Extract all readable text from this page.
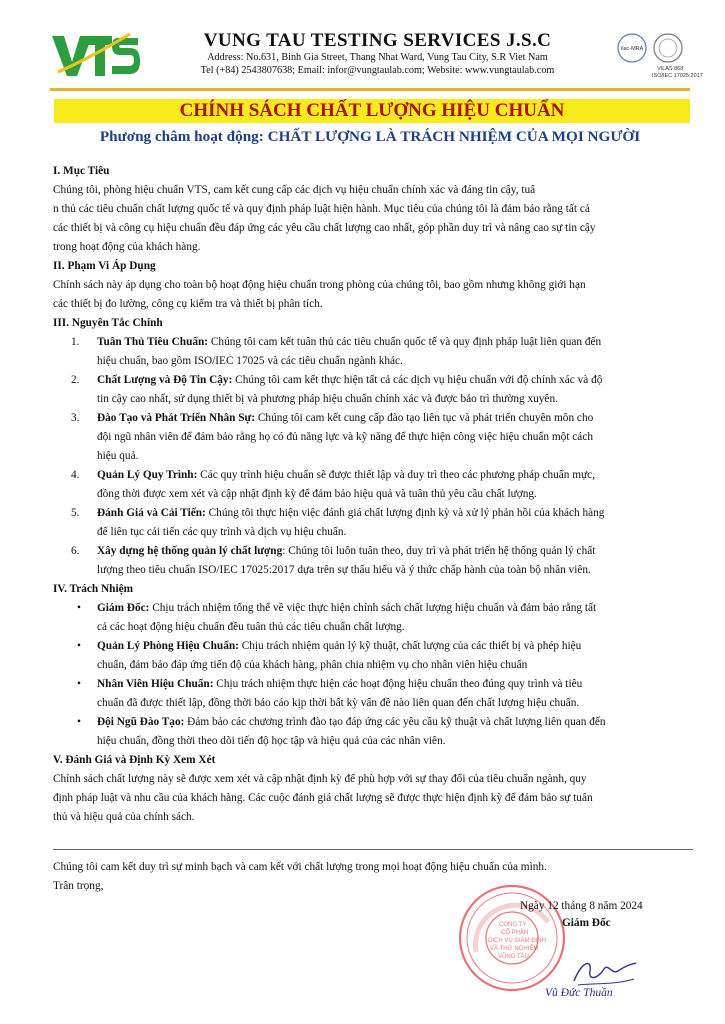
VUNG TAU TESTING SERVICES J.S.C
Address: No.631, Binh Gia Street, Thang Nhat Ward, Vung Tau City, S.R Viet Nam
Tel (+84) 2543807638; Email: infor@vungtaulab.com; Website: www.vungtaulab.com
ilac-MRA
VILAS 868
ISO/IEC 17025:2017
CHÍNH SÁCH CHẤT LƯỢNG HIỆU CHUẨN
Phương châm hoạt động: CHẤT LƯỢNG LÀ TRÁCH NHIỆM CỦA MỌI NGƯỜI

I. Mục Tiêu

Chúng tôi, phòng hiệu chuẩn VTS, cam kết cung cấp các dịch vụ hiệu chuẩn chính xác và đáng tin cậy, tuâ

n thủ các tiêu chuẩn chất lượng quốc tế và quy định pháp luật hiện hành. Mục tiêu của chúng tôi là đảm bảo rằng tất cả

các thiết bị và công cụ hiệu chuẩn đều đáp ứng các yêu cầu chất lượng cao nhất, góp phần duy trì và nâng cao sự tin cậy

trong hoạt động của khách hàng.

II. Phạm Vi Áp Dụng

Chính sách này áp dụng cho toàn bộ hoạt động hiệu chuẩn trong phòng của chúng tôi, bao gồm nhưng không giới hạn

các thiết bị đo lường, công cụ kiểm tra và thiết bị phân tích.

III. Nguyên Tắc Chính

1. Tuân Thủ Tiêu Chuẩn: Chúng tôi cam kết tuân thủ các tiêu chuẩn quốc tế và quy định pháp luật liên quan đến
hiệu chuẩn, bao gồm ISO/IEC 17025 và các tiêu chuẩn ngành khác.
2. Chất Lượng và Độ Tin Cậy: Chúng tôi cam kết thực hiện tất cả các dịch vụ hiệu chuẩn với độ chính xác và độ
tin cậy cao nhất, sử dụng thiết bị và phương pháp hiệu chuẩn chính xác và được bảo trì thường xuyên.
3. Đào Tạo và Phát Triển Nhân Sự: Chúng tôi cam kết cung cấp đào tạo liên tục và phát triển chuyên môn cho
đội ngũ nhân viên để đảm bảo rằng họ có đủ năng lực và kỹ năng để thực hiện công việc hiệu chuẩn một cách
hiệu quả.
4. Quản Lý Quy Trình: Các quy trình hiệu chuẩn sẽ được thiết lập và duy trì theo các phương pháp chuẩn mực,
đồng thời được xem xét và cập nhật định kỳ để đảm bảo hiệu quả và tuân thủ yêu cầu chất lượng.
5. Đánh Giá và Cải Tiến: Chúng tôi thực hiện việc đánh giá chất lượng định kỳ và xử lý phản hồi của khách hàng
để liên tục cải tiến các quy trình và dịch vụ hiệu chuẩn.
6. Xây dựng hệ thống quản lý chất lượng: Chúng tôi luôn tuân theo, duy trì và phát triển hệ thống quản lý chất
lượng theo tiêu chuẩn ISO/IEC 17025:2017 dựa trên sự thấu hiểu và ý thức chấp hành của toàn bộ nhân viên.

IV. Trách Nhiệm

• Giám Đốc: Chịu trách nhiệm tổng thể về việc thực hiện chính sách chất lượng hiệu chuẩn và đảm bảo rằng tất
cả các hoạt động hiệu chuẩn đều tuân thủ các tiêu chuẩn chất lượng.
• Quản Lý Phòng Hiệu Chuẩn: Chịu trách nhiệm quản lý kỹ thuật, chất lượng của các thiết bị và phép hiệu
chuẩn, đảm bảo đáp ứng tiến độ của khách hàng, phân chia nhiệm vụ cho nhân viên hiệu chuẩn
• Nhân Viên Hiệu Chuẩn: Chịu trách nhiệm thực hiện các hoạt động hiệu chuẩn theo đúng quy trình và tiêu
chuẩn đã được thiết lập, đồng thời báo cáo kịp thời bất kỳ vấn đề nào liên quan đến chất lượng hiệu chuẩn.
• Đội Ngũ Đào Tạo: Đảm bảo các chương trình đào tạo đáp ứng các yêu cầu kỹ thuật và chất lượng liên quan đến
hiệu chuẩn, đồng thời theo dõi tiến độ học tập và hiệu quả của các nhân viên.

V. Đánh Giá và Định Kỳ Xem Xét

Chính sách chất lượng này sẽ được xem xét và cập nhật định kỳ để phù hợp với sự thay đổi của tiêu chuẩn ngành, quy

định pháp luật và nhu cầu của khách hàng. Các cuộc đánh giá chất lượng sẽ được thực hiện định kỳ để đảm bảo sự tuân

thủ và hiệu quả của chính sách.

Chúng tôi cam kết duy trì sự minh bạch và cam kết với chất lượng trong mọi hoạt động hiệu chuẩn của mình.

Trân trọng,

CÔNG TY
CỔ PHẦN
DỊCH VỤ GIÁM ĐỊNH
VÀ THỬ NGHIỆM
VŨNG TÀU
Ngày 12 tháng 8 năm 2024
Giám Đốc
Vũ Đức Thuần
